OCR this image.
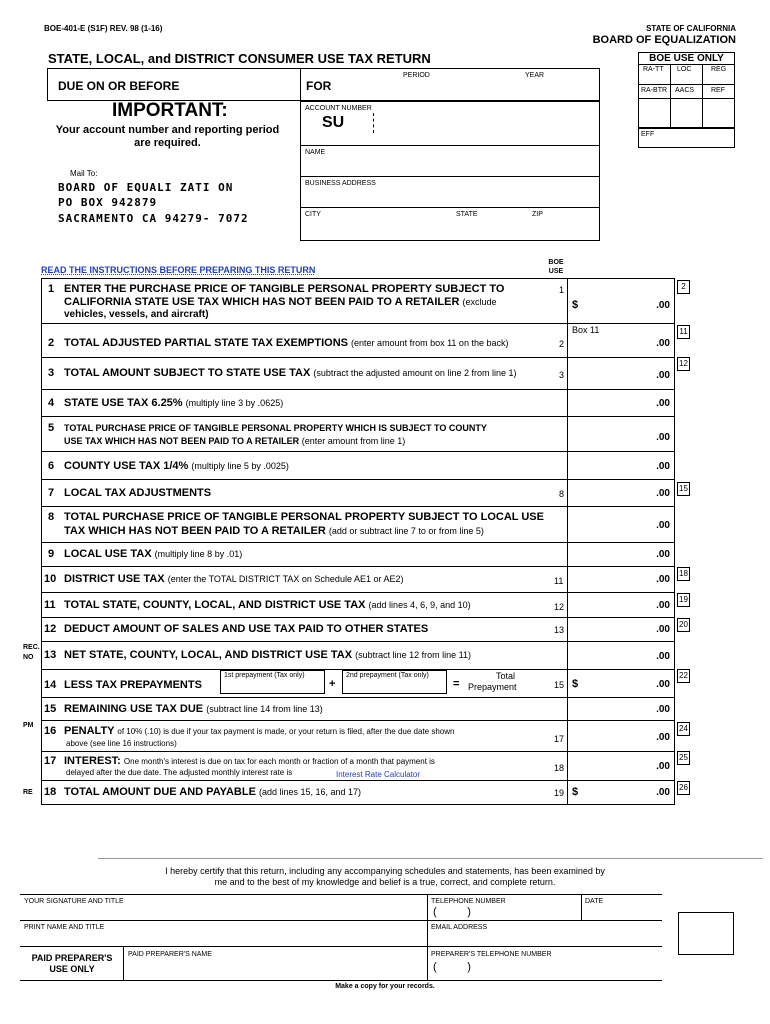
BOE-401-E (S1F) REV. 98 (1-16)	STATE OF CALIFORNIA
BOARD OF EQUALIZATION
STATE, LOCAL, and DISTRICT CONSUMER USE TAX RETURN
DUE ON OR BEFORE	FOR
PERIOD	YEAR
BOE USE ONLY
RA-TT LOC	REG
RA-BTR AACS REF
EFF
IMPORTANT:
Your account number and reporting period
are required.
ACCOUNT NUMBER
SU
NAME
BUSINESS ADDRESS
CITY	STATE	ZIP
Mail To:
BOARD OF EQUALI ZATI ON
PO BOX 942879
SACRAMENTO CA 94279- 7072
READ THE INSTRUCTIONS BEFORE PREPARING THIS RETURN
BOE
USE
1 ENTER THE PURCHASE PRICE OF TANGIBLE PERSONAL PROPERTY SUBJECT TO
CALIFORNIA STATE USE TAX WHICH HAS NOT BEEN PAID TO A RETAILER (exclude
vehicles, vessels, and aircraft)
1
$	.00
Box 11
2 TOTAL ADJUSTED PARTIAL STATE TAX EXEMPTIONS (enter amount from box 11 on the back)	2	.00
3 TOTAL AMOUNT SUBJECT TO STATE USE TAX (subtract the adjusted amount on line 2 from line 1)	3	.00
4 STATE USE TAX 6.25% (multiply line 3 by .0625)	.00
5 TOTAL PURCHASE PRICE OF TANGIBLE PERSONAL PROPERTY WHICH IS SUBJECT TO COUNTY
USE TAX WHICH HAS NOT BEEN PAID TO A RETAILER (enter amount from line 1)	.00
6 COUNTY USE TAX 1/4% (multiply line 5 by .0025)	.00
7 LOCAL TAX ADJUSTMENTS	8	.00
8 TOTAL PURCHASE PRICE OF TANGIBLE PERSONAL PROPERTY SUBJECT TO LOCAL USE
TAX WHICH HAS NOT BEEN PAID TO A RETAILER (add or subtract line 7 to or from line 5)	.00
9 LOCAL USE TAX (multiply line 8 by .01)	.00
10 DISTRICT USE TAX (enter the TOTAL DISTRICT TAX on Schedule AE1 or AE2)	11	.00
11 TOTAL STATE, COUNTY, LOCAL, AND DISTRICT USE TAX (add lines 4, 6, 9, and 10)	12	.00
12 DEDUCT AMOUNT OF SALES AND USE TAX PAID TO OTHER STATES	13	.00
13 NET STATE, COUNTY, LOCAL, AND DISTRICT USE TAX (subtract line 12 from line 11)	.00
14 LESS TAX PREPAYMENTS
1st prepayment (Tax only)
+
2nd prepayment (Tax only)
=
Total
Prepayment	15 $	.00
15 REMAINING USE TAX DUE (subtract line 14 from line 13)	.00
16 PENALTY of 10% (.10) is due if your tax payment is made, or your return is filed, after the due date shown
above (see line 16 instructions)	17	.00
17 INTEREST: One month's interest is due on tax for each month or fraction of a month that payment is
delayed after the due date. The adjusted monthly interest rate is	Interest Rate Calculator
18	.00
18 TOTAL AMOUNT DUE AND PAYABLE (add lines 15, 16, and 17)	19 $	.00
2
11
12
15
18
19
20
22
24
25
26
REC.
NO
PM
RE
I hereby certify that this return, including any accompanying schedules and statements, has been examined by
me and to the best of my knowledge and belief is a true, correct, and complete return.
YOUR SIGNATURE AND TITLE	TELEPHONE NUMBER
(          )
DATE
PRINT NAME AND TITLE	EMAIL ADDRESS
PAID PREPARER'S
USE ONLY
PAID PREPARER'S NAME	PREPARER'S TELEPHONE NUMBER
(          )
Make a copy for your records.
